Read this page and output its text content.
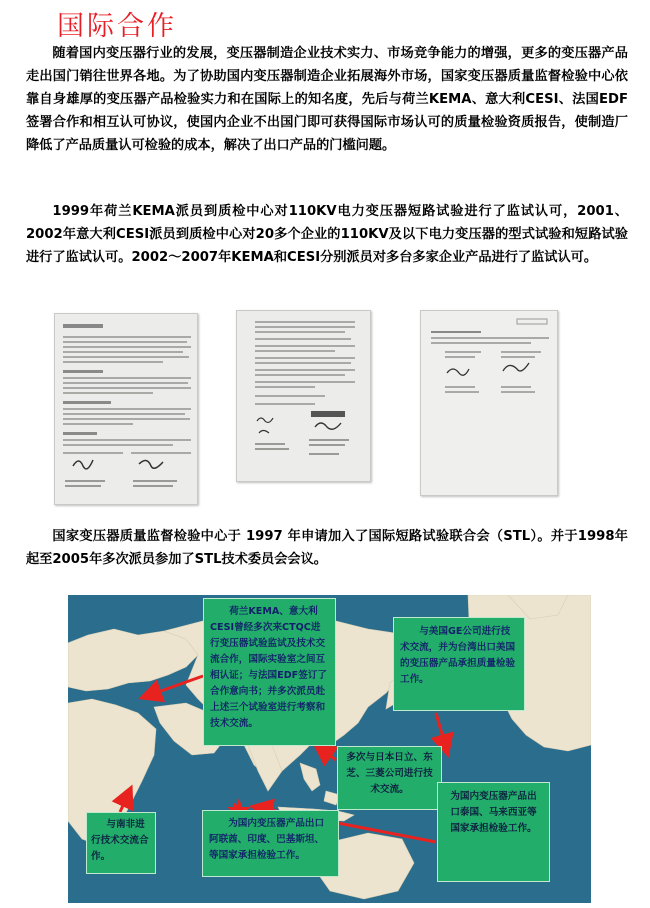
国际合作

随着国内变压器行业的发展，变压器制造企业技术实力、市场竞争能力的增强，更多的变压器产品走出国门销往世界各地。为了协助国内变压器制造企业拓展海外市场，国家变压器质量监督检验中心依靠自身雄厚的变压器产品检验实力和在国际上的知名度，先后与荷兰KEMA、意大利CESI、法国EDF签署合作和相互认可协议，使国内企业不出国门即可获得国际市场认可的质量检验资质报告，使制造厂降低了产品质量认可检验的成本，解决了出口产品的门槛问题。

1999年荷兰KEMA派员到质检中心对110KV电力变压器短路试验进行了监试认可，2001、2002年意大利CESI派员到质检中心对20多个企业的110KV及以下电力变压器的型式试验和短路试验进行了监试认可。2002～2007年KEMA和CESI分别派员对多台多家企业产品进行了监试认可。

国家变压器质量监督检验中心于 1997 年申请加入了国际短路试验联合会（STL）。并于1998年起至2005年多次派员参加了STL技术委员会会议。

荷兰KEMA、意大利CESI曾经多次来CTQC进行变压器试验监试及技术交流合作，国际实验室之间互相认证；与法国EDF签订了合作意向书；并多次派员赴上述三个试验室进行考察和技术交流。
与美国GE公司进行技术交流，并为台湾出口美国的变压器产品承担质量检验工作。
多次与日本日立、东芝、三菱公司进行技术交流。
为国内变压器产品出口泰国、马来西亚等国家承担检验工作。
与南非进行技术交流合作。
为国内变压器产品出口阿联酋、印度、巴基斯坦、等国家承担检验工作。
